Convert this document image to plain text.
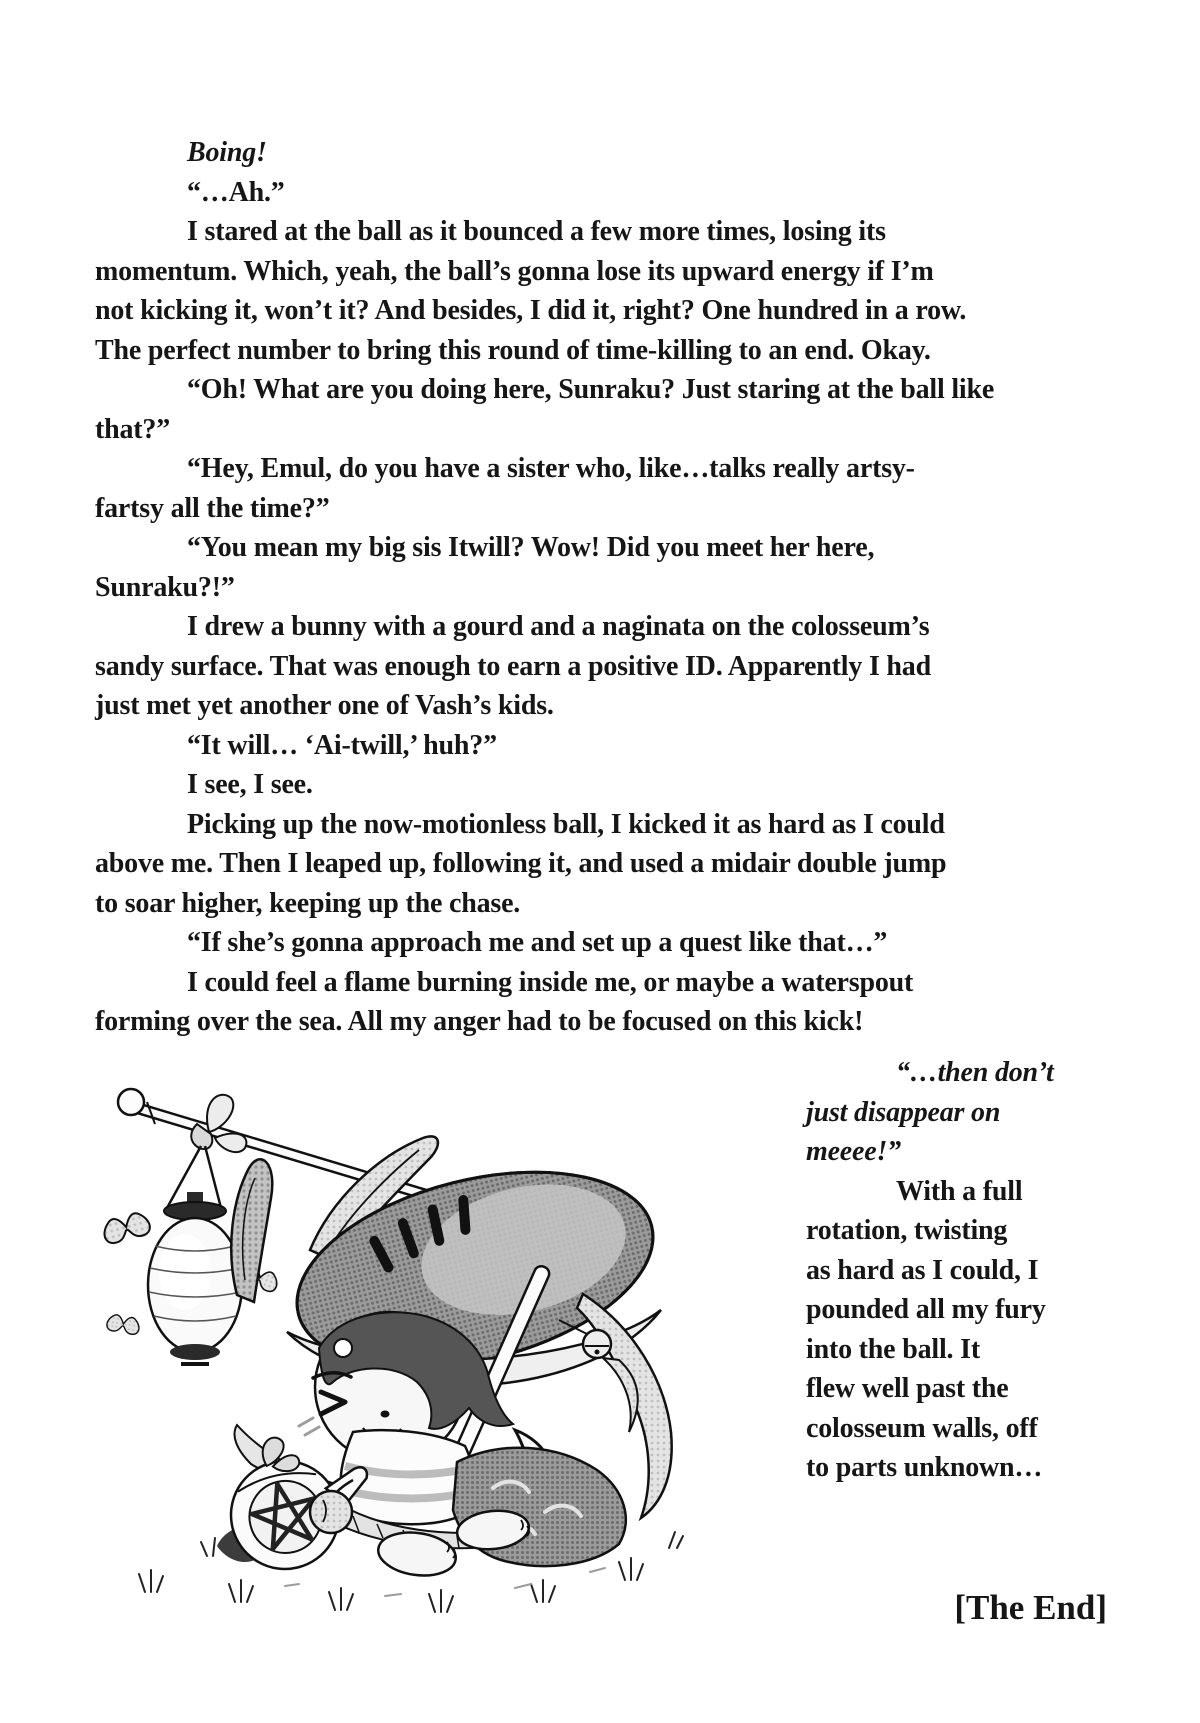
Boing!
“…Ah.”
I stared at the ball as it bounced a few more times, losing its
momentum. Which, yeah, the ball’s gonna lose its upward energy if I’m
not kicking it, won’t it? And besides, I did it, right? One hundred in a row.
The perfect number to bring this round of time-killing to an end. Okay.
“Oh! What are you doing here, Sunraku? Just staring at the ball like
that?”
“Hey, Emul, do you have a sister who, like…talks really artsy-
fartsy all the time?”
“You mean my big sis Itwill? Wow! Did you meet her here,
Sunraku?!”
I drew a bunny with a gourd and a naginata on the colosseum’s
sandy surface. That was enough to earn a positive ID. Apparently I had
just met yet another one of Vash’s kids.
“It will… ‘Ai-twill,’ huh?”
I see, I see.
Picking up the now-motionless ball, I kicked it as hard as I could
above me. Then I leaped up, following it, and used a midair double jump
to soar higher, keeping up the chase.
“If she’s gonna approach me and set up a quest like that…”
I could feel a flame burning inside me, or maybe a waterspout
forming over the sea. All my anger had to be focused on this kick!
“…then don’t
just disappear on
meeee!”
With a full
rotation, twisting
as hard as I could, I
pounded all my fury
into the ball. It
flew well past the
colosseum walls, off
to parts unknown…
[The End]
